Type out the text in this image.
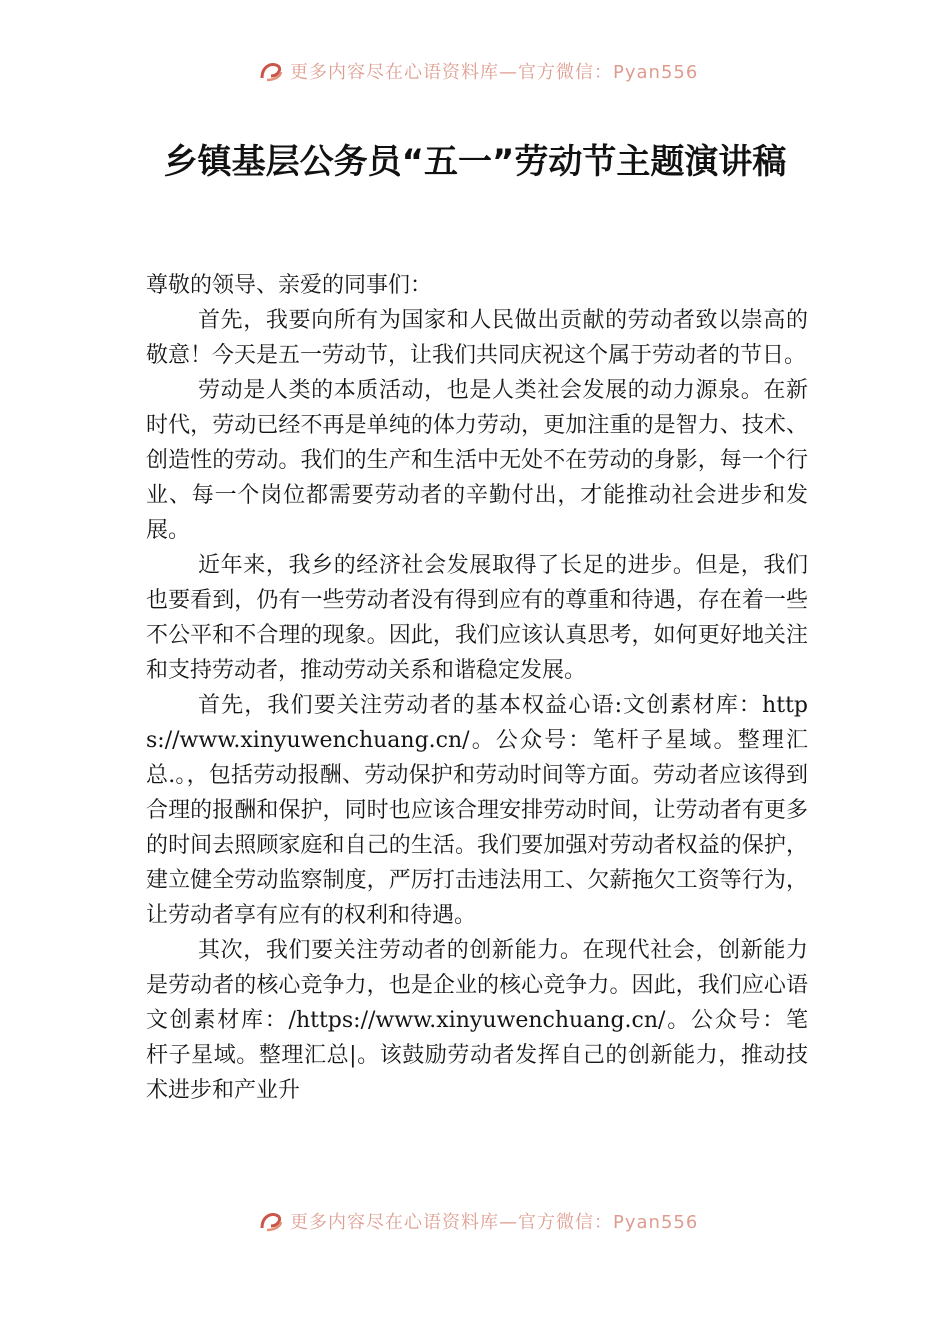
更多内容尽在心语资料库—官方微信：Pyan556
乡镇基层公务员“五一”劳动节主题演讲稿

尊敬的领导、亲爱的同事们：

首先，我要向所有为国家和人民做出贡献的劳动者致以崇高的敬意！今天是五一劳动节，让我们共同庆祝这个属于劳动者的节日。

劳动是人类的本质活动，也是人类社会发展的动力源泉。在新时代，劳动已经不再是单纯的体力劳动，更加注重的是智力、技术、创造性的劳动。我们的生产和生活中无处不在劳动的身影，每一个行业、每一个岗位都需要劳动者的辛勤付出，才能推动社会进步和发展。

近年来，我乡的经济社会发展取得了长足的进步。但是，我们也要看到，仍有一些劳动者没有得到应有的尊重和待遇，存在着一些不公平和不合理的现象。因此，我们应该认真思考，如何更好地关注和支持劳动者，推动劳动关系和谐稳定发展。

首先，我们要关注劳动者的基本权益心语:文创素材库：https://www.xinyuwenchuang.cn/。公众号：笔杆子星域。整理汇总.。，包括劳动报酬、劳动保护和劳动时间等方面。劳动者应该得到合理的报酬和保护，同时也应该合理安排劳动时间，让劳动者有更多的时间去照顾家庭和自己的生活。我们要加强对劳动者权益的保护，建立健全劳动监察制度，严厉打击违法用工、欠薪拖欠工资等行为，让劳动者享有应有的权利和待遇。

其次，我们要关注劳动者的创新能力。在现代社会，创新能力是劳动者的核心竞争力，也是企业的核心竞争力。因此，我们应心语文创素材库：/https://www.xinyuwenchuang.cn/。公众号：笔杆子星域。整理汇总|。该鼓励劳动者发挥自己的创新能力，推动技术进步和产业升

更多内容尽在心语资料库—官方微信：Pyan556
